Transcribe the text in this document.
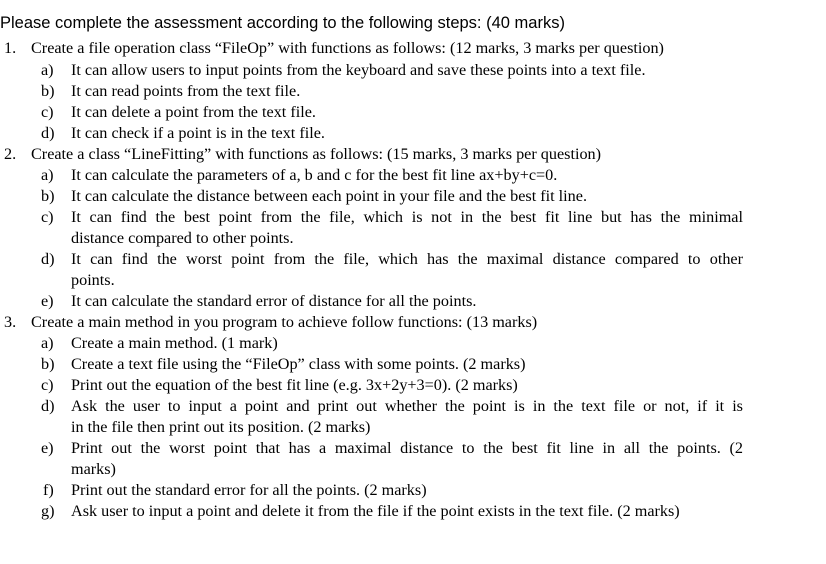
Please complete the assessment according to the following steps: (40 marks)
1. Create a file operation class “FileOp” with functions as follows: (12 marks, 3 marks per question)
a) It can allow users to input points from the keyboard and save these points into a text file.
b) It can read points from the text file.
c) It can delete a point from the text file.
d) It can check if a point is in the text file.
2. Create a class “LineFitting” with functions as follows: (15 marks, 3 marks per question)
a) It can calculate the parameters of a, b and c for the best fit line ax+by+c=0.
b) It can calculate the distance between each point in your file and the best fit line.
c) It can find the best point from the file, which is not in the best fit line but has the minimal
distance compared to other points.
d) It can find the worst point from the file, which has the maximal distance compared to other
points.
e) It can calculate the standard error of distance for all the points.
3. Create a main method in you program to achieve follow functions: (13 marks)
a) Create a main method. (1 mark)
b) Create a text file using the “FileOp” class with some points. (2 marks)
c) Print out the equation of the best fit line (e.g. 3x+2y+3=0). (2 marks)
d) Ask the user to input a point and print out whether the point is in the text file or not, if it is
in the file then print out its position. (2 marks)
e) Print out the worst point that has a maximal distance to the best fit line in all the points. (2
marks)
f) Print out the standard error for all the points. (2 marks)
g) Ask user to input a point and delete it from the file if the point exists in the text file. (2 marks)
